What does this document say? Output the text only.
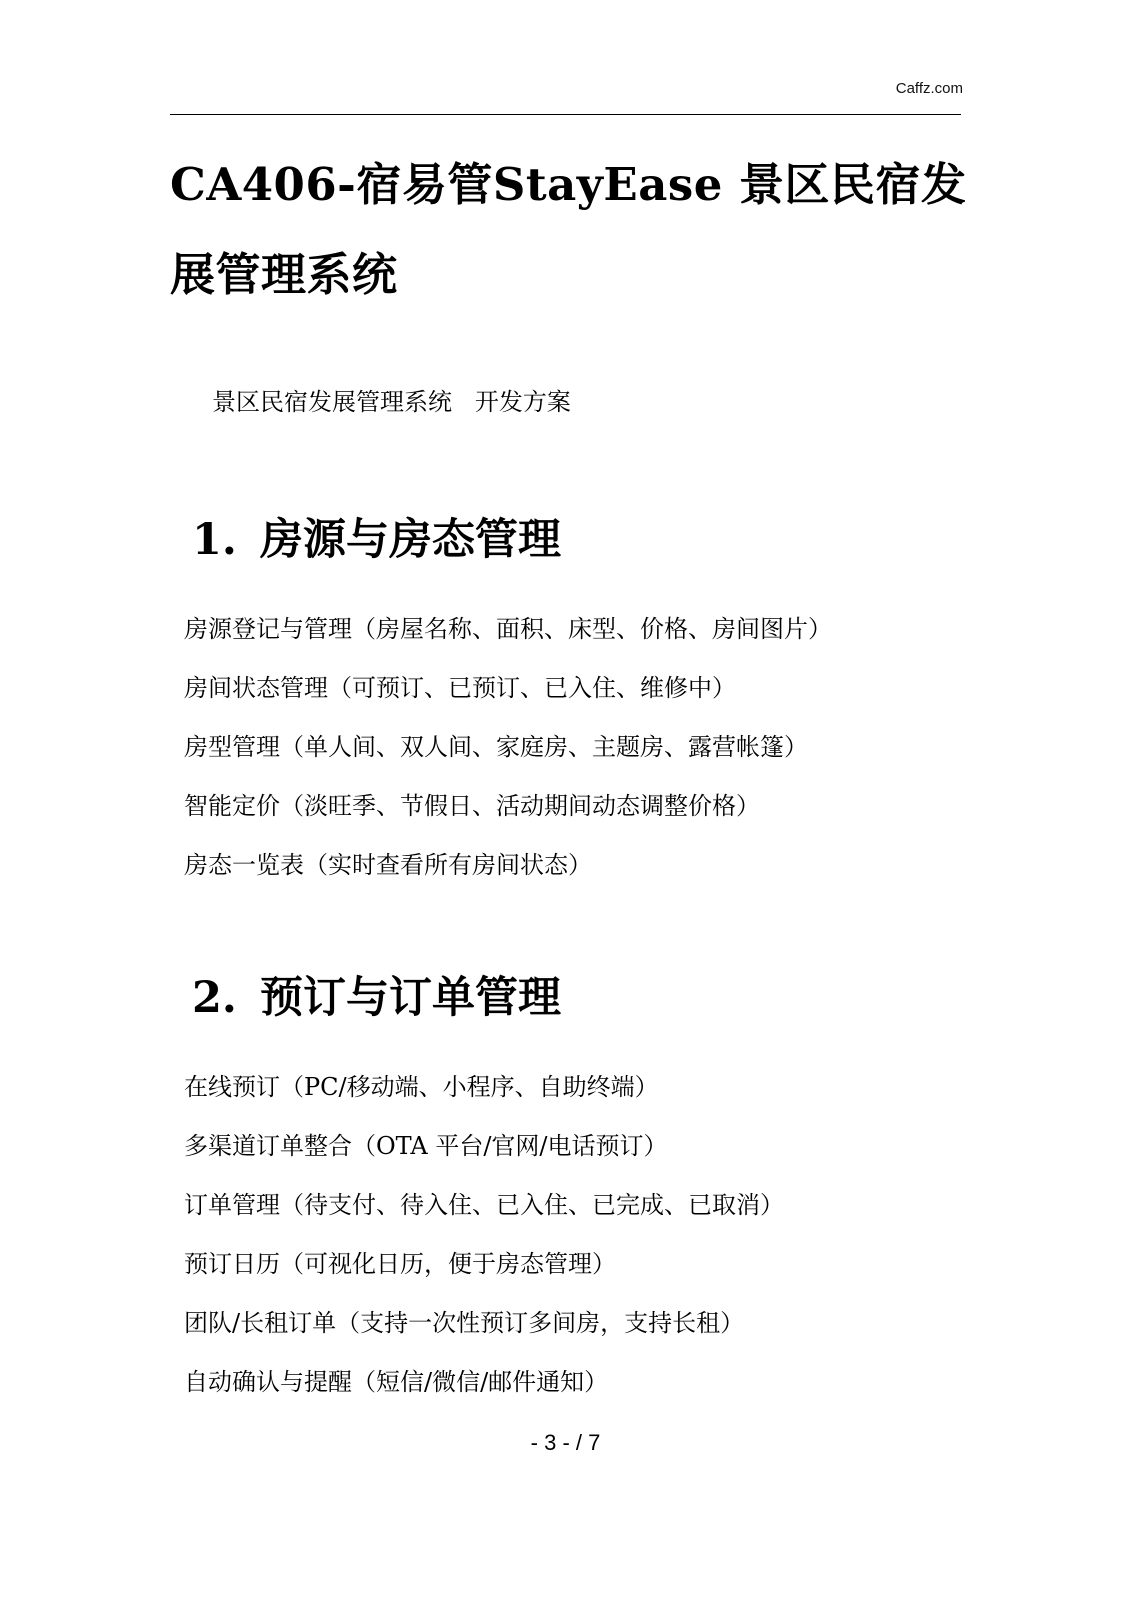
Caffz.com
CA406-宿易管StayEase 景区民宿发展管理系统
景区民宿发展管理系统   开发方案
1. 房源与房态管理
房源登记与管理（房屋名称、面积、床型、价格、房间图片）
房间状态管理（可预订、已预订、已入住、维修中）
房型管理（单人间、双人间、家庭房、主题房、露营帐篷）
智能定价（淡旺季、节假日、活动期间动态调整价格）
房态一览表（实时查看所有房间状态）
2. 预订与订单管理
在线预订（PC/移动端、小程序、自助终端）
多渠道订单整合（OTA 平台/官网/电话预订）
订单管理（待支付、待入住、已入住、已完成、已取消）
预订日历（可视化日历，便于房态管理）
团队/长租订单（支持一次性预订多间房，支持长租）
自动确认与提醒（短信/微信/邮件通知）
- 3 - / 7
